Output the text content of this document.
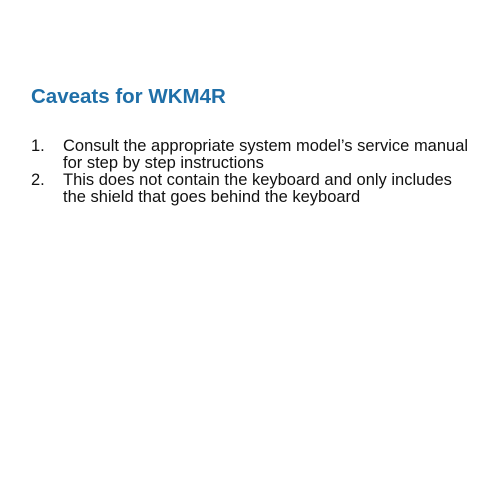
Caveats for WKM4R
1.	Consult the appropriate system model’s service manual for step by step instructions
2.	This does not contain the keyboard and only includes the shield that goes behind the keyboard
